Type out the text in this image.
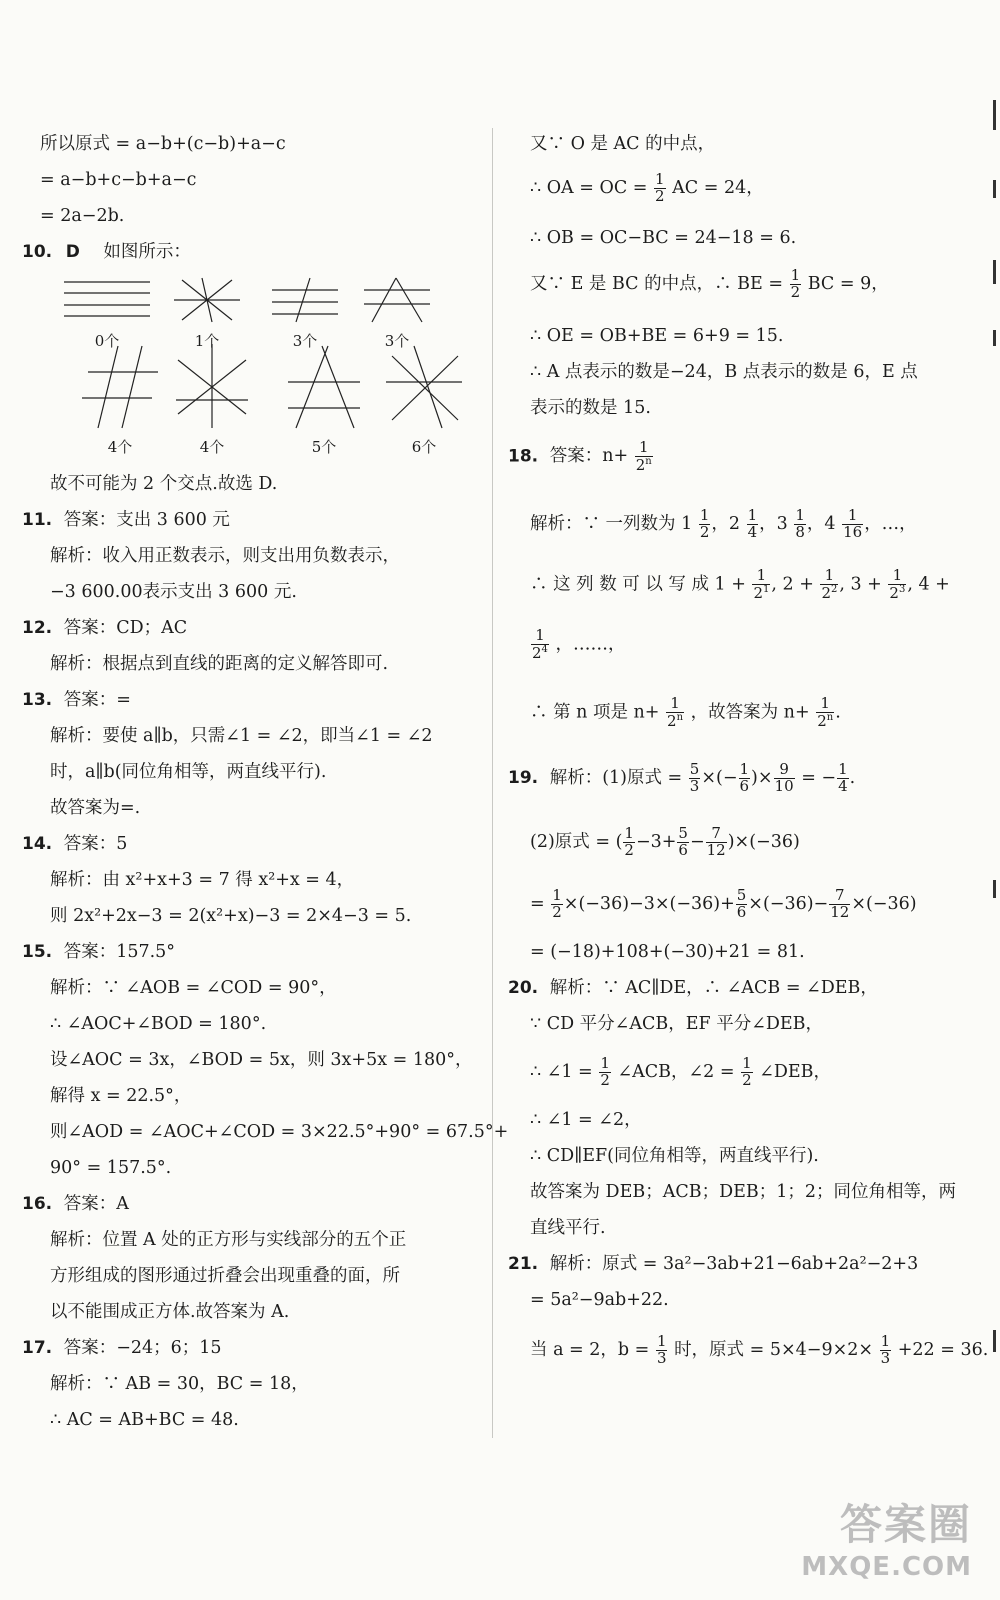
所以原式 = a−b+(c−b)+a−c
= a−b+c−b+a−c
= 2a−2b.
10. D 如图所示：
0个	1个	3个	3个
4个	4个	5个	6个
故不可能为 2 个交点.故选 D.
11. 答案：支出 3 600 元
解析：收入用正数表示，则支出用负数表示，
−3 600.00表示支出 3 600 元.
12. 答案：CD；AC
解析：根据点到直线的距离的定义解答即可.
13. 答案：=
解析：要使 a∥b，只需∠1 = ∠2，即当∠1 = ∠2
时，a∥b(同位角相等，两直线平行).
故答案为=.
14. 答案：5
解析：由 x²+x+3 = 7 得 x²+x = 4，
则 2x²+2x−3 = 2(x²+x)−3 = 2×4−3 = 5.
15. 答案：157.5°
解析：∵ ∠AOB = ∠COD = 90°，
∴ ∠AOC+∠BOD = 180°.
设∠AOC = 3x，∠BOD = 5x，则 3x+5x = 180°，
解得 x = 22.5°，
则∠AOD = ∠AOC+∠COD = 3×22.5°+90° = 67.5°+
90° = 157.5°.
16. 答案：A
解析：位置 A 处的正方形与实线部分的五个正
方形组成的图形通过折叠会出现重叠的面，所
以不能围成正方体.故答案为 A.
17. 答案：−24；6；15
解析：∵ AB = 30，BC = 18，
∴ AC = AB+BC = 48.
又∵ O 是 AC 的中点，
∴ OA = OC = $\frac{1}{2}$ AC = 24，
∴ OB = OC−BC = 24−18 = 6.
又∵ E 是 BC 的中点，∴ BE = $\frac{1}{2}$ BC = 9，
∴ OE = OB+BE = 6+9 = 15.
∴ A 点表示的数是−24，B 点表示的数是 6，E 点
表示的数是 15.
18. 答案：$n+ \frac{1}{2^n}$
解析：∵ 一列数为 $1 \frac{1}{2}$ ，$2 \frac{1}{4}$ ，$3 \frac{1}{8}$ ，$4 \frac{1}{16}$ ，…，
∴ 这 列 数 可 以 写 成 $1 + \frac{1}{2^1}$ , $2 + \frac{1}{2^2}$ , $3 + \frac{1}{2^3}$ , 4 +
$\frac{1}{2^4}$ ，……，
∴ 第 n 项是 $n+ \frac{1}{2^n}$ ，故答案为 $n+ \frac{1}{2^n}$ .
19. 解析：(1)原式 = $\frac{5}{3}$ ×(− $\frac{1}{6}$ )× $\frac{9}{10}$ = − $\frac{1}{4}$ .
(2)原式 = ( $\frac{1}{2} -3+ \frac{5}{6} - \frac{7}{12} )\times(-36)$
= $\frac{1}{2} \times(-36)-3\times(-36)+ \frac{5}{6} \times(-36)- \frac{7}{12} \times(-36)$
= (−18)+108+(−30)+21 = 81.
20. 解析：∵ AC∥DE，∴ ∠ACB = ∠DEB，
∵ CD 平分∠ACB，EF 平分∠DEB，
∴ ∠1 = $\frac{1}{2}$ ∠ACB，∠2 = $\frac{1}{2}$ ∠DEB，
∴ ∠1 = ∠2，
∴ CD∥EF(同位角相等，两直线平行).
故答案为 DEB；ACB；DEB；1；2；同位角相等，两
直线平行.
21. 解析：原式 = 3a²−3ab+21−6ab+2a²−2+3
= 5a²−9ab+22.
当 a = 2，$b = \frac{1}{3}$ 时，原式 = $5\times 4-9\times 2\times \frac{1}{3} +22 = 36$.
答案圈
MXQE.COM
